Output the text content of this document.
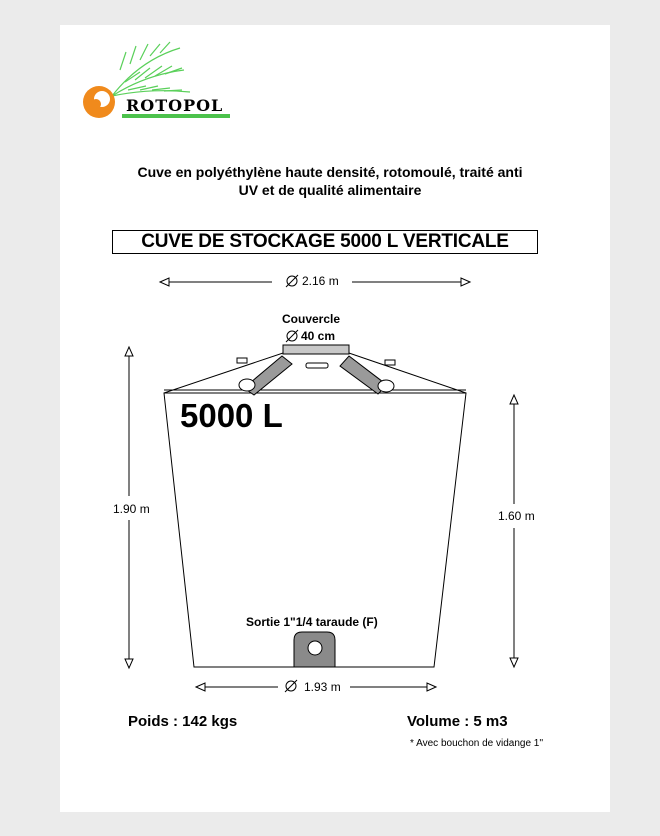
ROTOPOL
Cuve en polyéthylène haute densité, rotomoulé, traité anti
UV et de qualité alimentaire
CUVE DE STOCKAGE 5000 L VERTICALE
2.16 m
Couvercle
40 cm
1.90 m	1.60 m
1.93 m
5000 L
Sortie 1"1/4 taraude (F)
Poids : 142 kgs	Volume : 5 m3
* Avec bouchon de vidange 1''
